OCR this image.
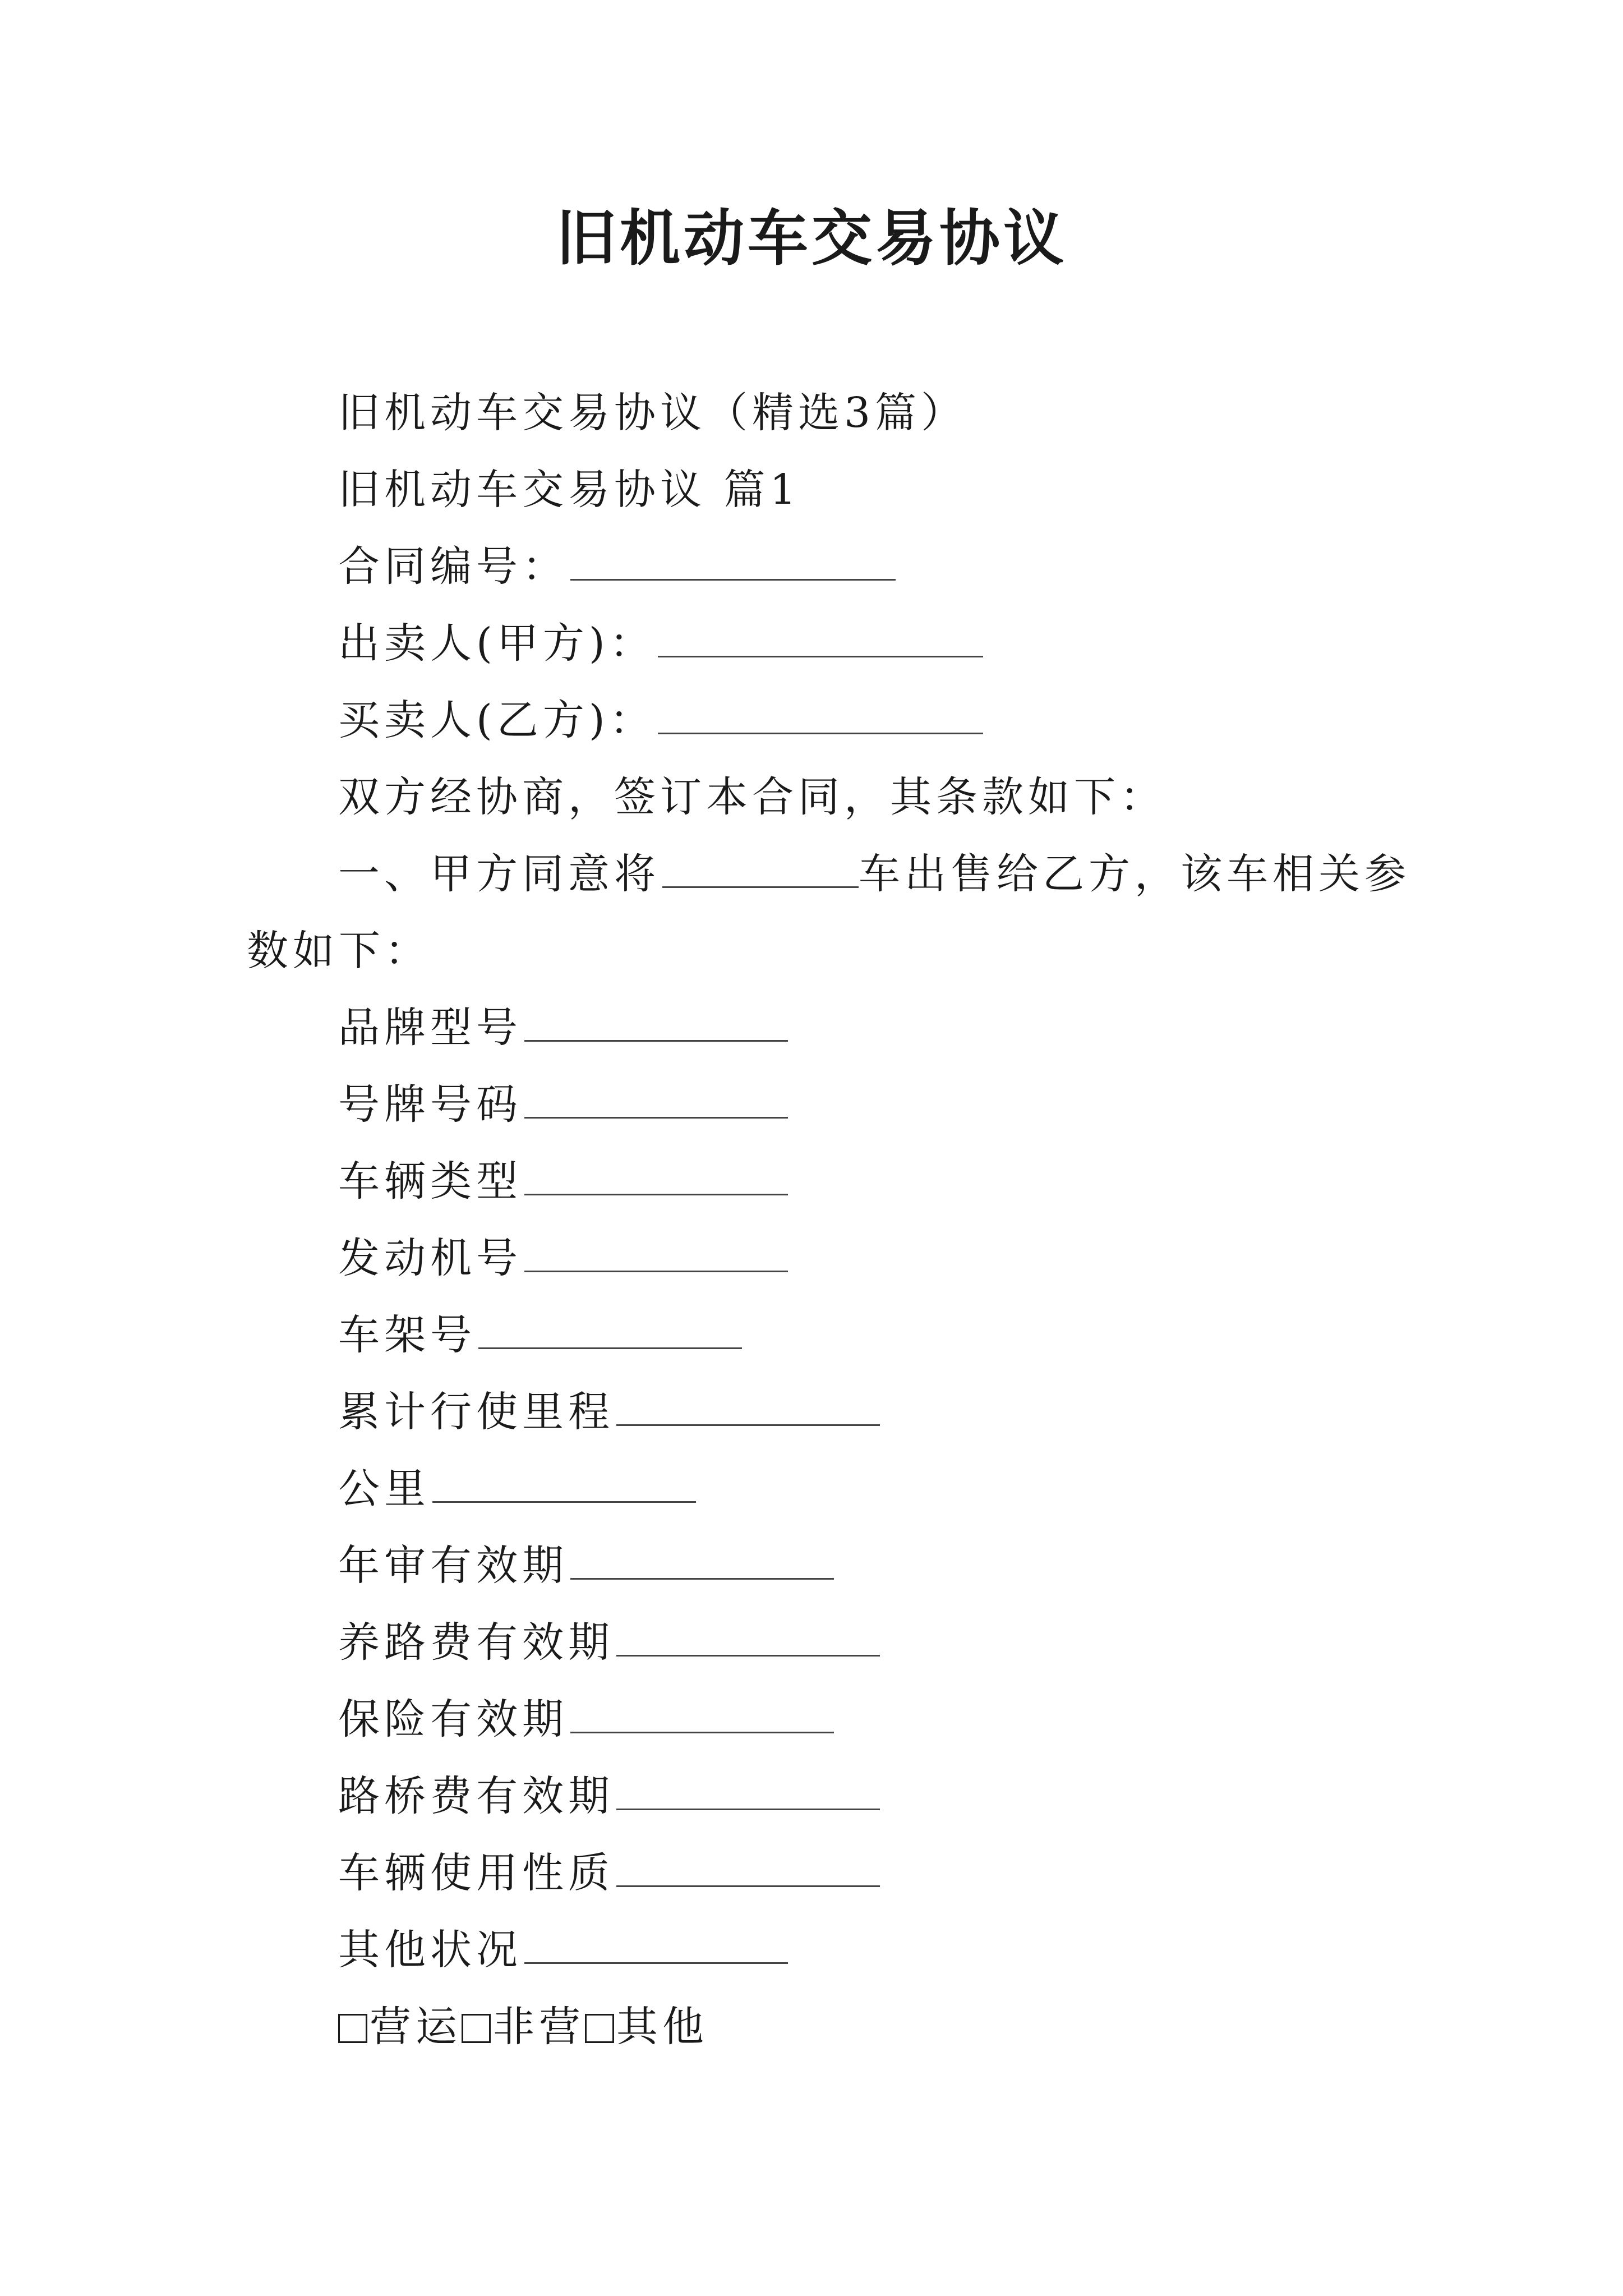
旧机动车交易协议
旧机动车交易协议（精选3篇）
旧机动车交易协议 篇1
合同编号：
出卖人(甲方)：
买卖人(乙方)：
双方经协商，签订本合同，其条款如下：
一、甲方同意将	车出售给乙方，该车相关参
数如下：
品牌型号
号牌号码
车辆类型
发动机号
车架号
累计行使里程
公里
年审有效期
养路费有效期
保险有效期
路桥费有效期
车辆使用性质
其他状况
营运 非营 其他
